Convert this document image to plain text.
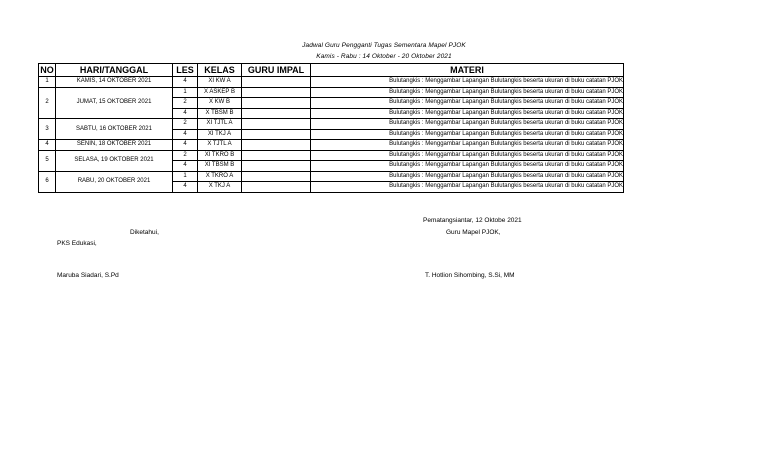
Jadwal Guru Pengganti Tugas Sementara Mapel PJOK
Kamis - Rabu : 14 Oktober - 20 Oktober 2021
NO	HARI/TANGGAL	LES	KELAS	GURU IMPAL	MATERI
1	KAMIS, 14 OKTOBER 2021	4	XI KW A		Bulutangkis : Menggambar Lapangan Bulutangkis beserta ukuran di buku catatan PJOK
2	JUMAT, 15 OKTOBER 2021	1	X ASKEP B		Bulutangkis : Menggambar Lapangan Bulutangkis beserta ukuran di buku catatan PJOK
		2	X KW B		Bulutangkis : Menggambar Lapangan Bulutangkis beserta ukuran di buku catatan PJOK
		4	X TBSM B		Bulutangkis : Menggambar Lapangan Bulutangkis beserta ukuran di buku catatan PJOK
3	SABTU, 16 OKTOBER 2021	2	XI TJTL A		Bulutangkis : Menggambar Lapangan Bulutangkis beserta ukuran di buku catatan PJOK
		4	XI TKJ A		Bulutangkis : Menggambar Lapangan Bulutangkis beserta ukuran di buku catatan PJOK
4	SENIN, 18 OKTOBER 2021	4	X TJTL A		Bulutangkis : Menggambar Lapangan Bulutangkis beserta ukuran di buku catatan PJOK
5	SELASA, 19 OKTOBER 2021	2	XI TKRO B		Bulutangkis : Menggambar Lapangan Bulutangkis beserta ukuran di buku catatan PJOK
		4	XI TBSM B		Bulutangkis : Menggambar Lapangan Bulutangkis beserta ukuran di buku catatan PJOK
6	RABU, 20 OKTOBER 2021	1	X TKRO A		Bulutangkis : Menggambar Lapangan Bulutangkis beserta ukuran di buku catatan PJOK
		4	X TKJ A		Bulutangkis : Menggambar Lapangan Bulutangkis beserta ukuran di buku catatan PJOK
Pematangsiantar, 12 Oktobe 2021
Guru Mapel PJOK,
Diketahui,
PKS Edukasi,
Maruba Siadari, S.Pd	T. Hotlion Sihombing, S.Si, MM
